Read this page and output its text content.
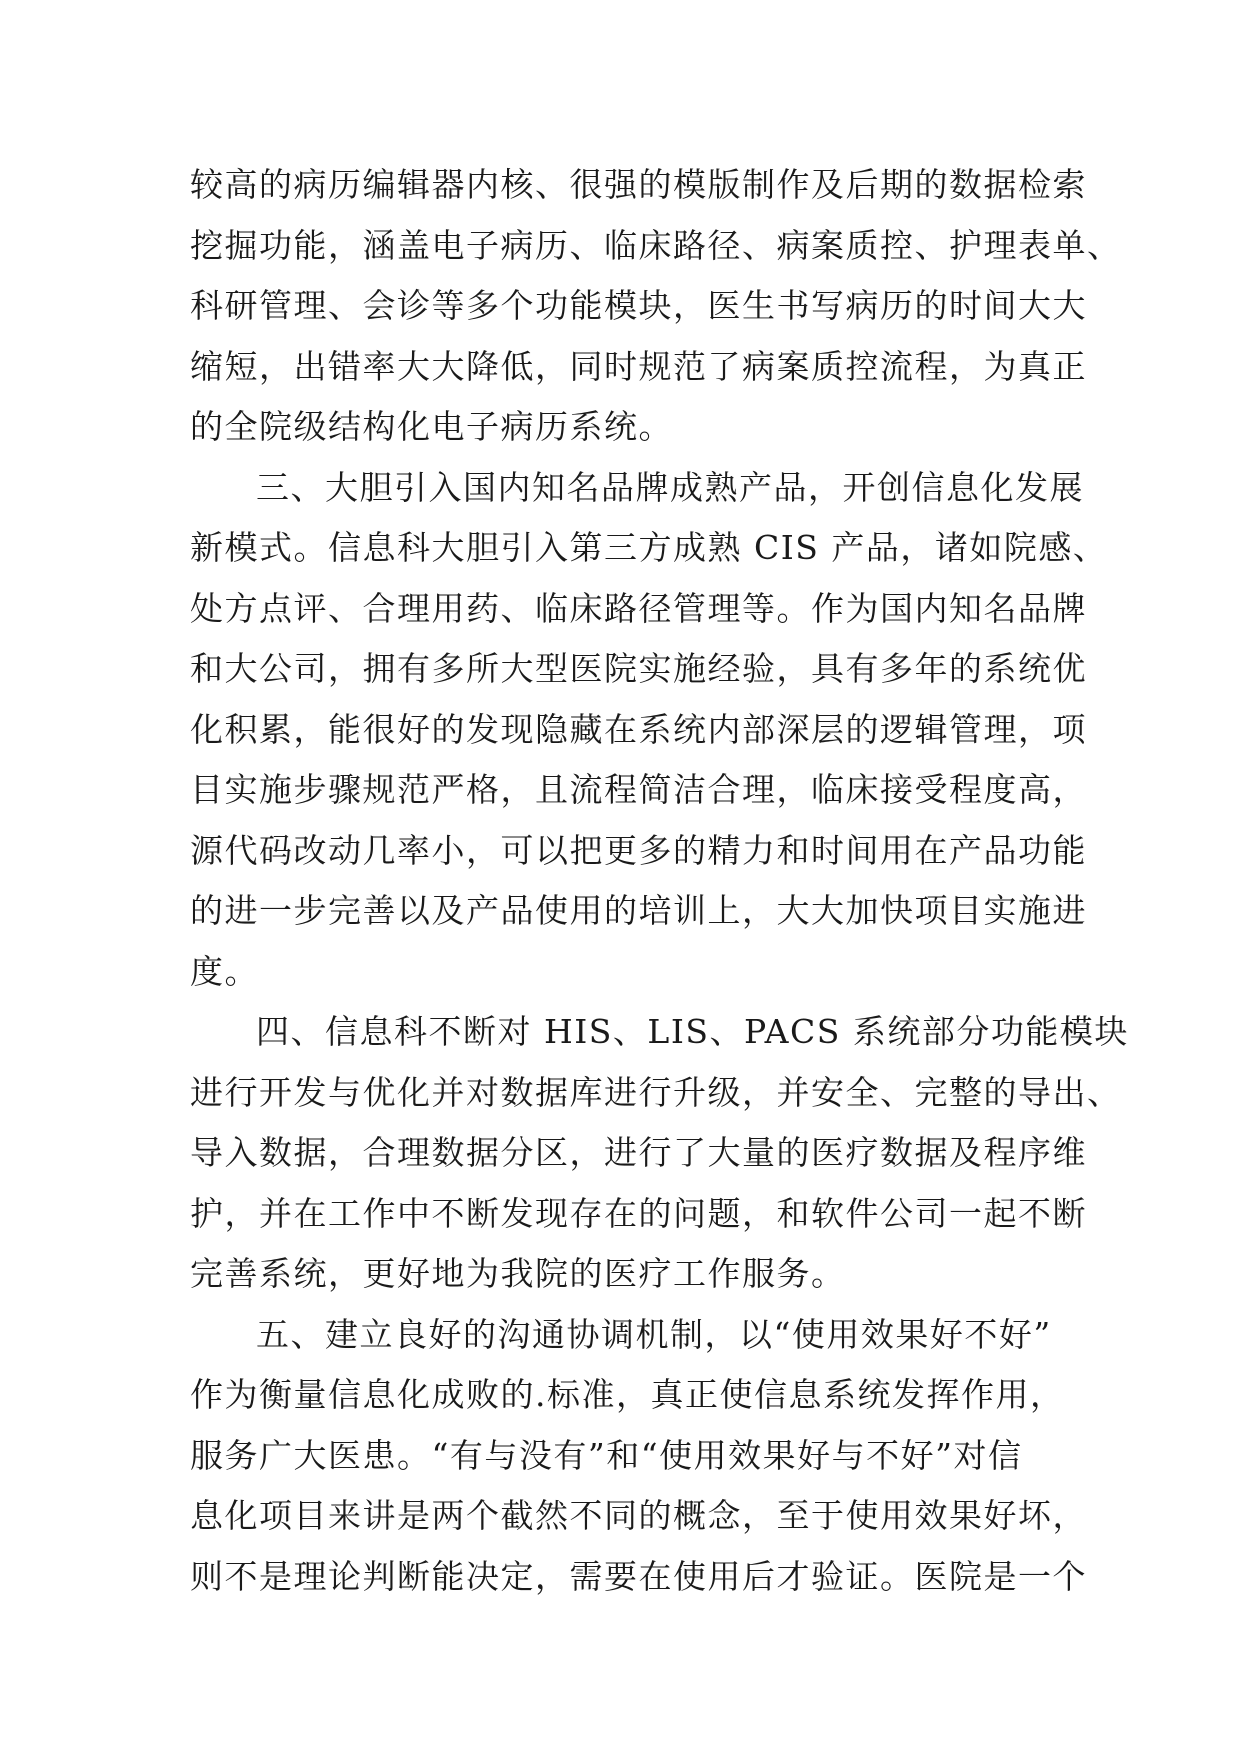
较高的病历编辑器内核、很强的模版制作及后期的数据检索
挖掘功能，涵盖电子病历、临床路径、病案质控、护理表单、
科研管理、会诊等多个功能模块，医生书写病历的时间大大
缩短，出错率大大降低，同时规范了病案质控流程，为真正
的全院级结构化电子病历系统。
三、大胆引入国内知名品牌成熟产品，开创信息化发展
新模式。信息科大胆引入第三方成熟 CIS 产品，诸如院感、
处方点评、合理用药、临床路径管理等。作为国内知名品牌
和大公司，拥有多所大型医院实施经验，具有多年的系统优
化积累，能很好的发现隐藏在系统内部深层的逻辑管理，项
目实施步骤规范严格，且流程简洁合理，临床接受程度高，
源代码改动几率小，可以把更多的精力和时间用在产品功能
的进一步完善以及产品使用的培训上，大大加快项目实施进
度。
四、信息科不断对 HIS、LIS、PACS 系统部分功能模块
进行开发与优化并对数据库进行升级，并安全、完整的导出、
导入数据，合理数据分区，进行了大量的医疗数据及程序维
护，并在工作中不断发现存在的问题，和软件公司一起不断
完善系统，更好地为我院的医疗工作服务。
五、建立良好的沟通协调机制，以“使用效果好不好”
作为衡量信息化成败的.标准，真正使信息系统发挥作用，
服务广大医患。“有与没有”和“使用效果好与不好”对信
息化项目来讲是两个截然不同的概念，至于使用效果好坏，
则不是理论判断能决定，需要在使用后才验证。医院是一个
